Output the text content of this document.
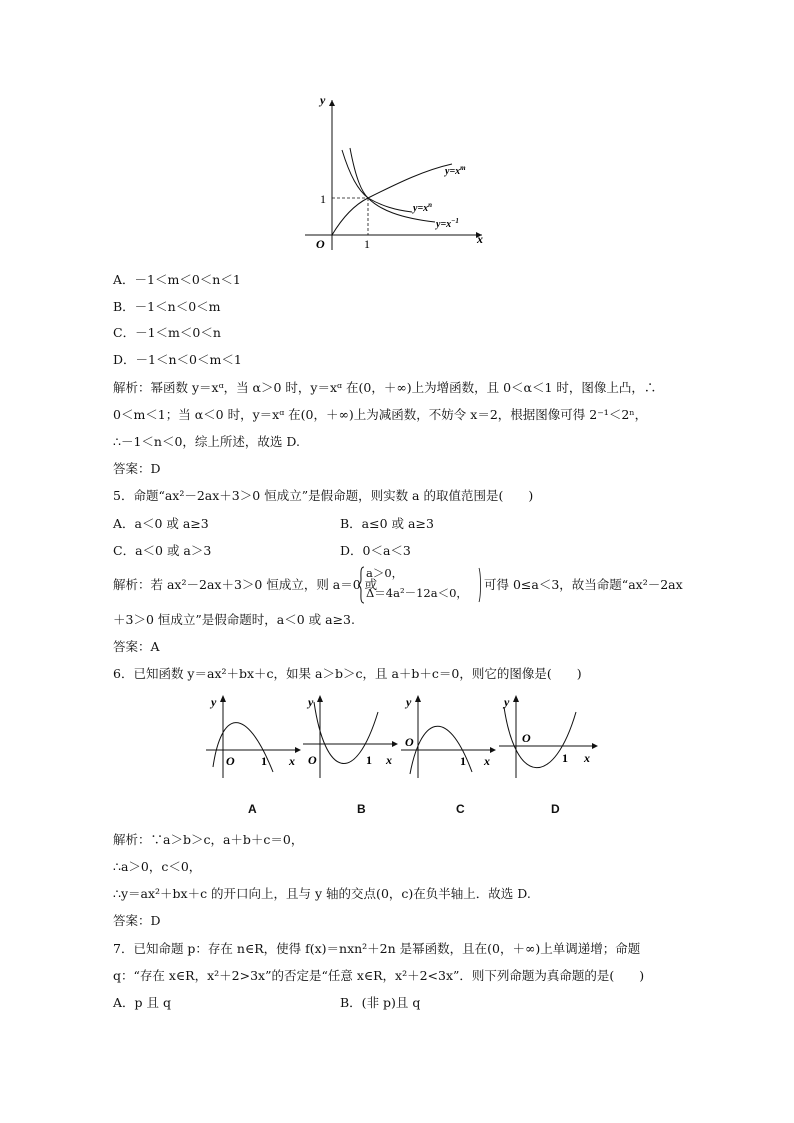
y
x
O	1
1
$y=x^m$
$y=x^n$
$y=x^{-1}$
A．－1＜m＜0＜n＜1
B．－1＜n＜0＜m
C．－1＜m＜0＜n
D．－1＜n＜0＜m＜1
解析：幂函数 y＝xᵅ，当 α＞0 时，y＝xᵅ 在(0，＋∞)上为增函数，且 0＜α＜1 时，图像上凸，∴
0＜m＜1；当 α＜0 时，y＝xᵅ 在(0，＋∞)上为减函数，不妨令 x＝2，根据图像可得 2⁻¹＜2ⁿ，
∴－1＜n＜0，综上所述，故选 D.
答案：D
5．命题“ax²－2ax＋3＞0 恒成立”是假命题，则实数 a 的取值范围是(　　)
A．a＜0 或 a≥3	B．a≤0 或 a≥3
C．a＜0 或 a＞3	D．0＜a＜3
解析：若 ax²－2ax＋3＞0 恒成立，则 a＝0 或
a＞0，
Δ＝4a²－12a＜0，
可得 0≤a＜3，故当命题“ax²－2ax
＋3＞0 恒成立”是假命题时，a＜0 或 a≥3.
答案：A
6．已知函数 y＝ax²＋bx＋c，如果 a＞b＞c，且 a＋b＋c＝0，则它的图像是(　　)
y
O 1 x
A
y
O	1 x
B
y
O
1 x
C
y
O
1 x
D
解析：∵a＞b＞c，a＋b＋c＝0，
∴a＞0，c＜0，
∴y＝ax²＋bx＋c 的开口向上，且与 y 轴的交点(0，c)在负半轴上．故选 D.
答案：D
7．已知命题 p：存在 n∈R，使得 f(x)＝nxn²＋2n 是幂函数，且在(0，＋∞)上单调递增；命题
q：“存在 x∈R，x²＋2>3x”的否定是“任意 x∈R，x²＋2<3x”．则下列命题为真命题的是(　　)
A．p 且 q	B．(非 p)且 q
